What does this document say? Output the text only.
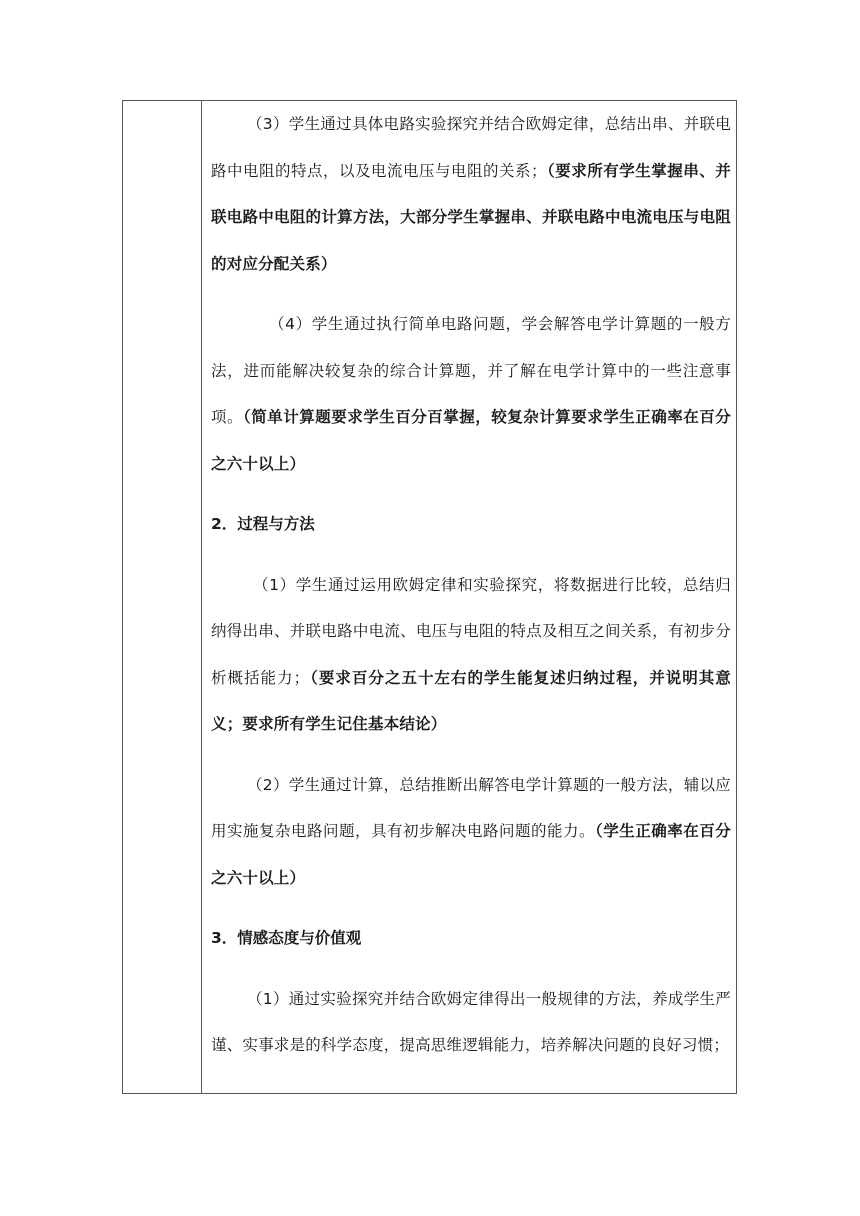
（3）学生通过具体电路实验探究并结合欧姆定律，总结出串、并联电路中电阻的特点，以及电流电压与电阻的关系；（要求所有学生掌握串、并联电路中电阻的计算方法，大部分学生掌握串、并联电路中电流电压与电阻的对应分配关系）

（4）学生通过执行简单电路问题，学会解答电学计算题的一般方法，进而能解决较复杂的综合计算题，并了解在电学计算中的一些注意事项。（简单计算题要求学生百分百掌握，较复杂计算要求学生正确率在百分之六十以上）

2．过程与方法

（1）学生通过运用欧姆定律和实验探究，将数据进行比较，总结归纳得出串、并联电路中电流、电压与电阻的特点及相互之间关系，有初步分析概括能力；（要求百分之五十左右的学生能复述归纳过程，并说明其意义；要求所有学生记住基本结论）

（2）学生通过计算，总结推断出解答电学计算题的一般方法，辅以应用实施复杂电路问题，具有初步解决电路问题的能力。（学生正确率在百分之六十以上）

3．情感态度与价值观

（1）通过实验探究并结合欧姆定律得出一般规律的方法，养成学生严谨、实事求是的科学态度，提高思维逻辑能力，培养解决问题的良好习惯；
